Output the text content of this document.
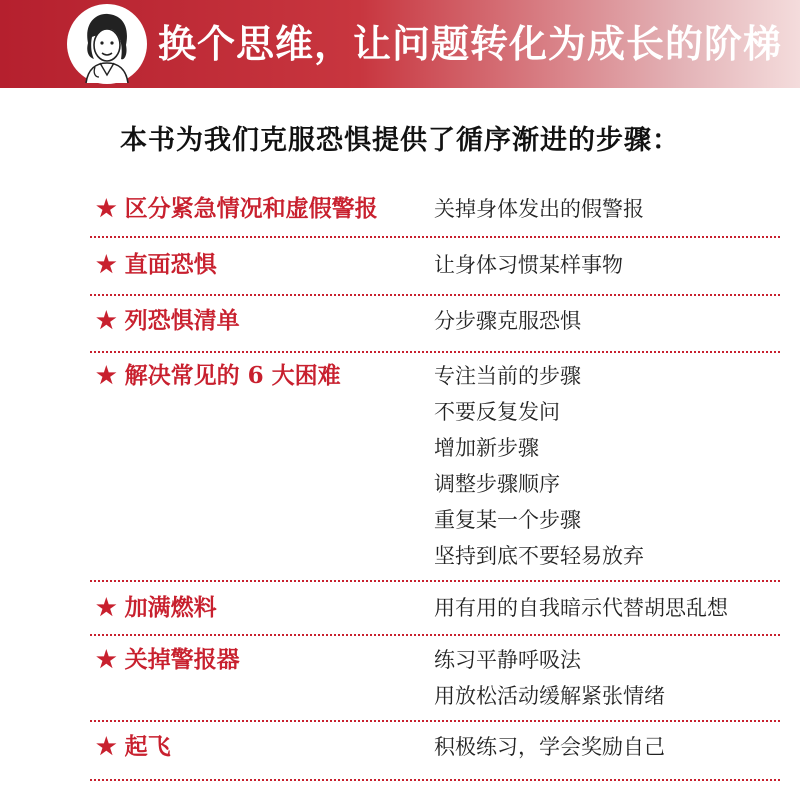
换个思维，让问题转化为成长的阶梯
本书为我们克服恐惧提供了循序渐进的步骤：
★ 区分紧急情况和虚假警报	关掉身体发出的假警报
★ 直面恐惧	让身体习惯某样事物
★ 列恐惧清单	分步骤克服恐惧
★ 解决常见的 6 大困难	专注当前的步骤
不要反复发问
增加新步骤
调整步骤顺序
重复某一个步骤
坚持到底不要轻易放弃
★ 加满燃料	用有用的自我暗示代替胡思乱想
★ 关掉警报器	练习平静呼吸法
用放松活动缓解紧张情绪
★ 起飞	积极练习，学会奖励自己
